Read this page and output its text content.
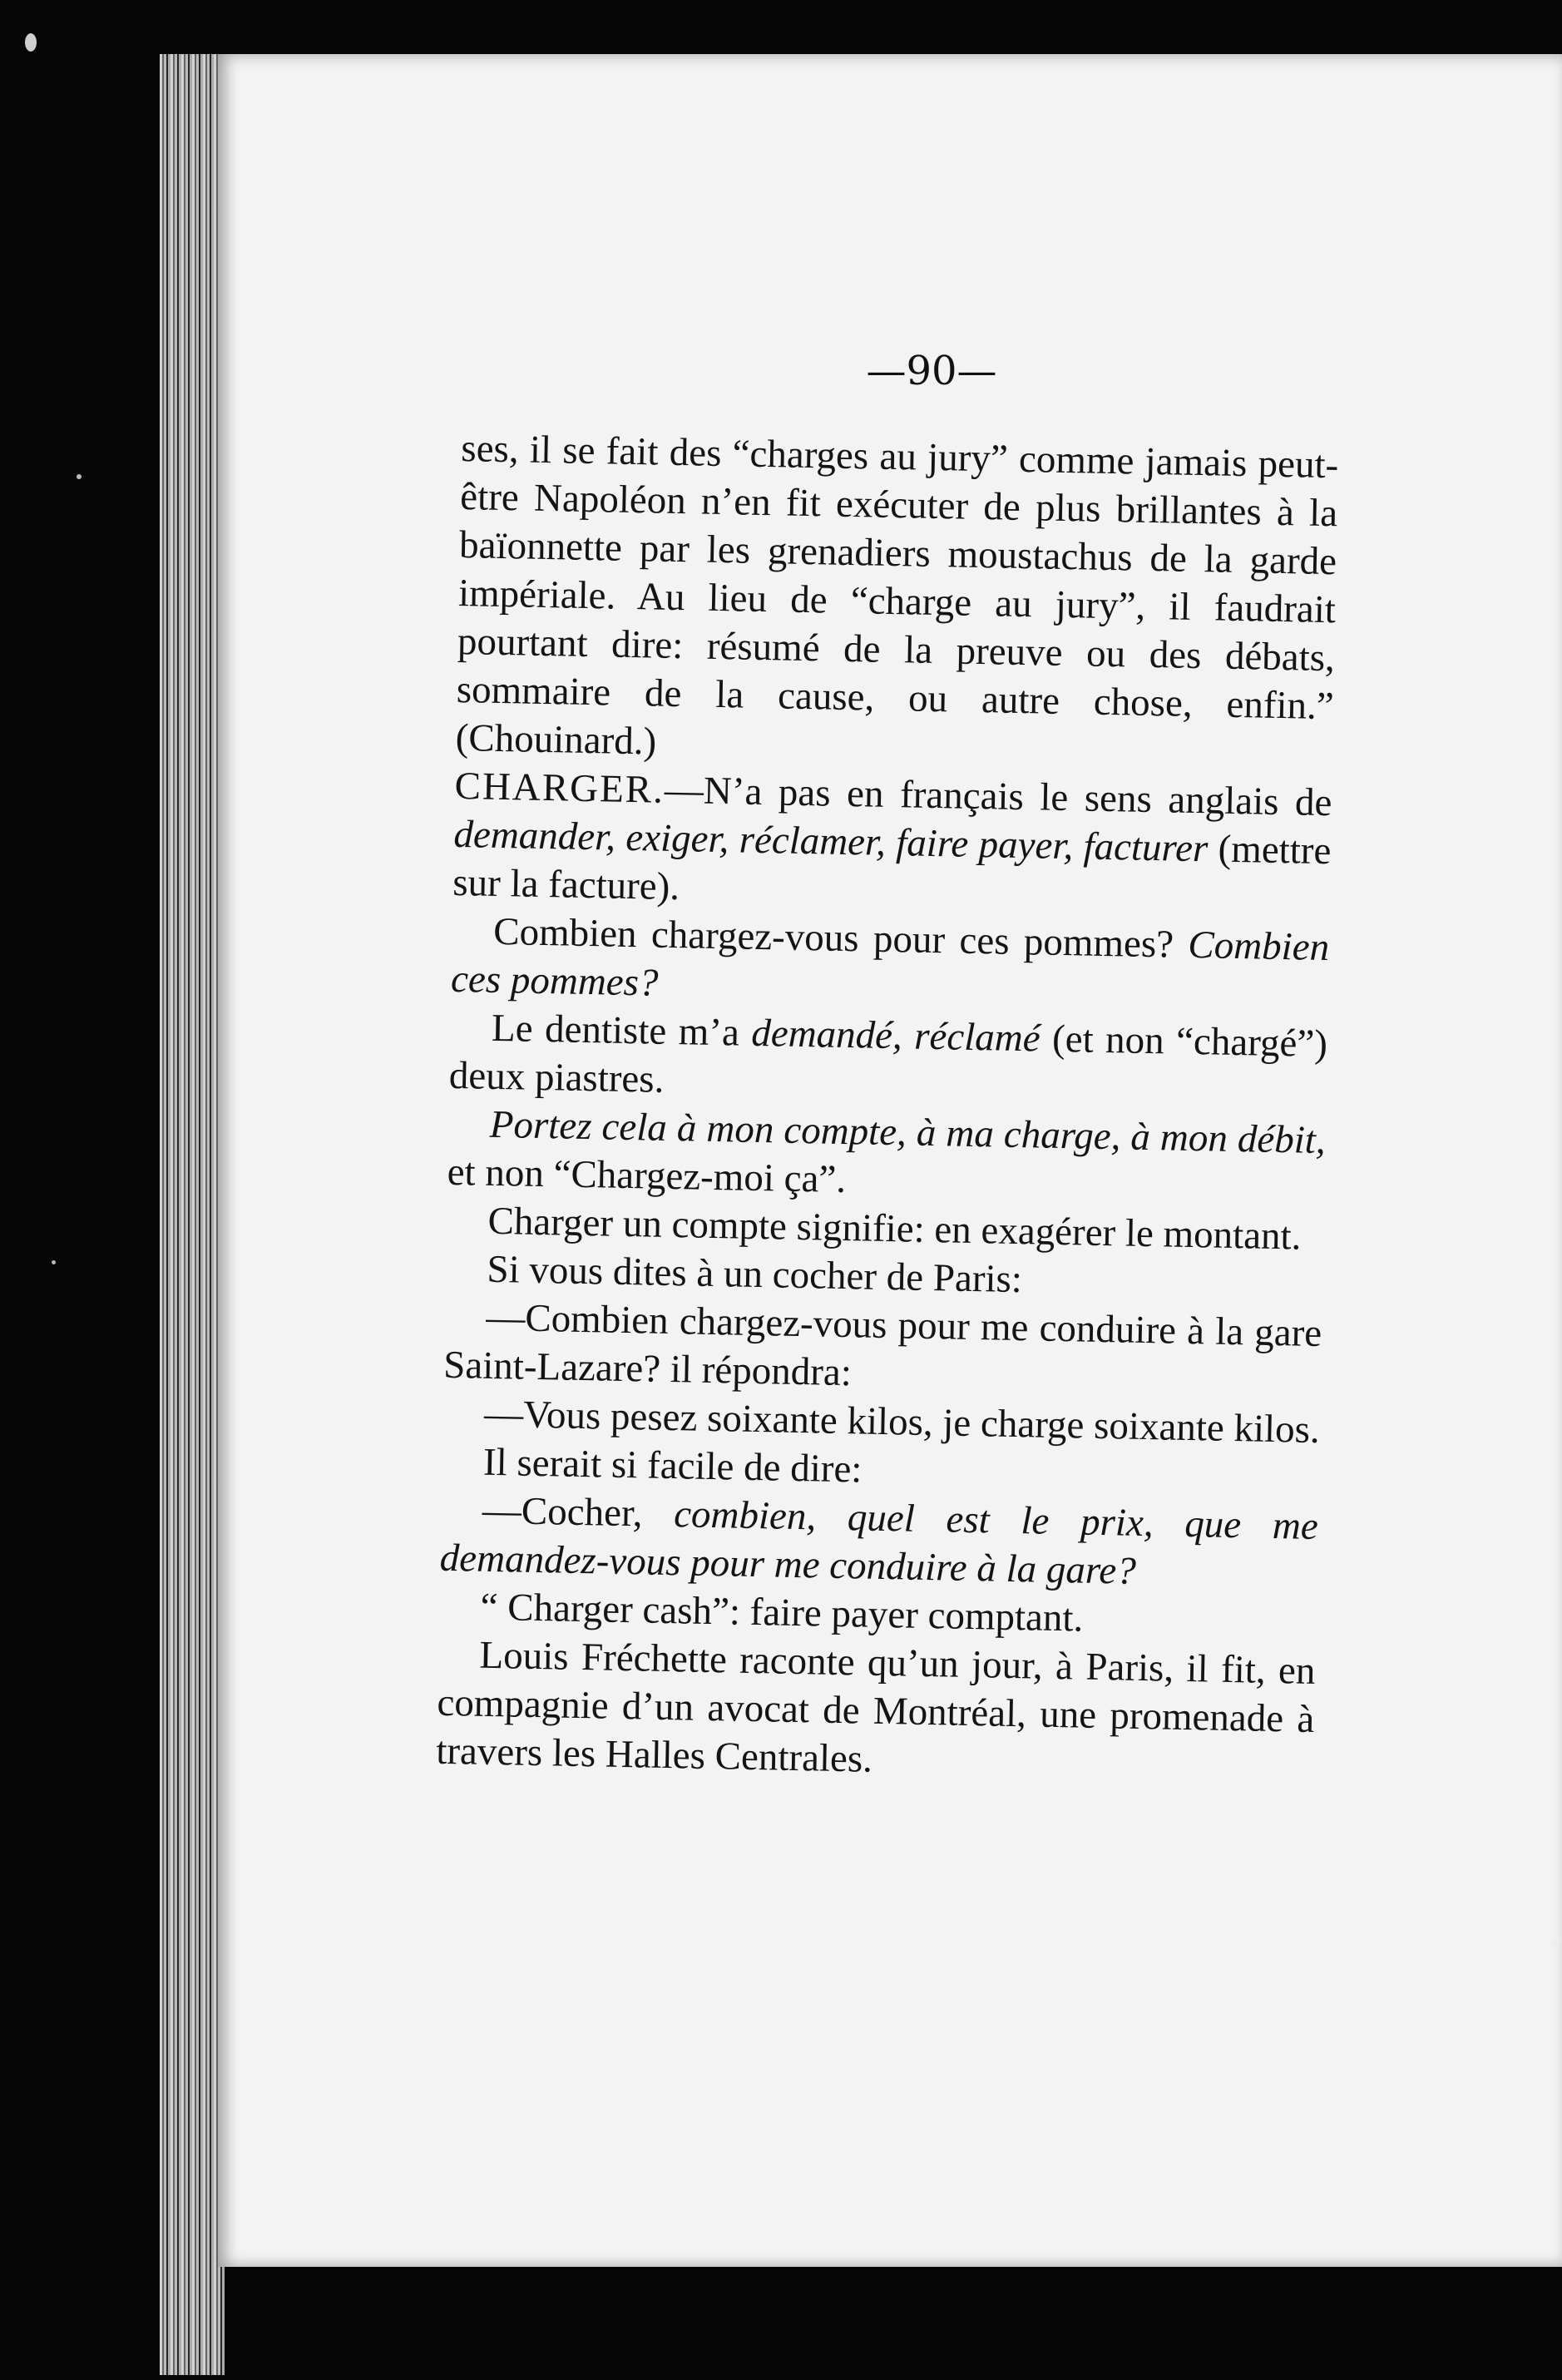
—90—

ses, il se fait des “charges au jury” comme jamais peut-être Napoléon n’en fit exécuter de plus brillantes à la baïonnette par les grenadiers moustachus de la garde impériale. Au lieu de “charge au jury”, il faudrait pourtant dire: résumé de la preuve ou des débats, sommaire de la cause, ou autre chose, enfin.” (Chouinard.)

CHARGER.—N’a pas en français le sens anglais de demander, exiger, réclamer, faire payer, facturer (mettre sur la facture).

Combien chargez-vous pour ces pommes? Combien ces pommes?

Le dentiste m’a demandé, réclamé (et non “chargé”) deux piastres.

Portez cela à mon compte, à ma charge, à mon débit, et non “Chargez-moi ça”.

Charger un compte signifie: en exagérer le montant.

Si vous dites à un cocher de Paris:

—Combien chargez-vous pour me conduire à la gare Saint-Lazare? il répondra:

—Vous pesez soixante kilos, je charge soixante kilos.

Il serait si facile de dire:

—Cocher, combien, quel est le prix, que me demandez-vous pour me conduire à la gare?

“ Charger cash”: faire payer comptant.

Louis Fréchette raconte qu’un jour, à Paris, il fit, en compagnie d’un avocat de Montréal, une promenade à travers les Halles Centrales.
